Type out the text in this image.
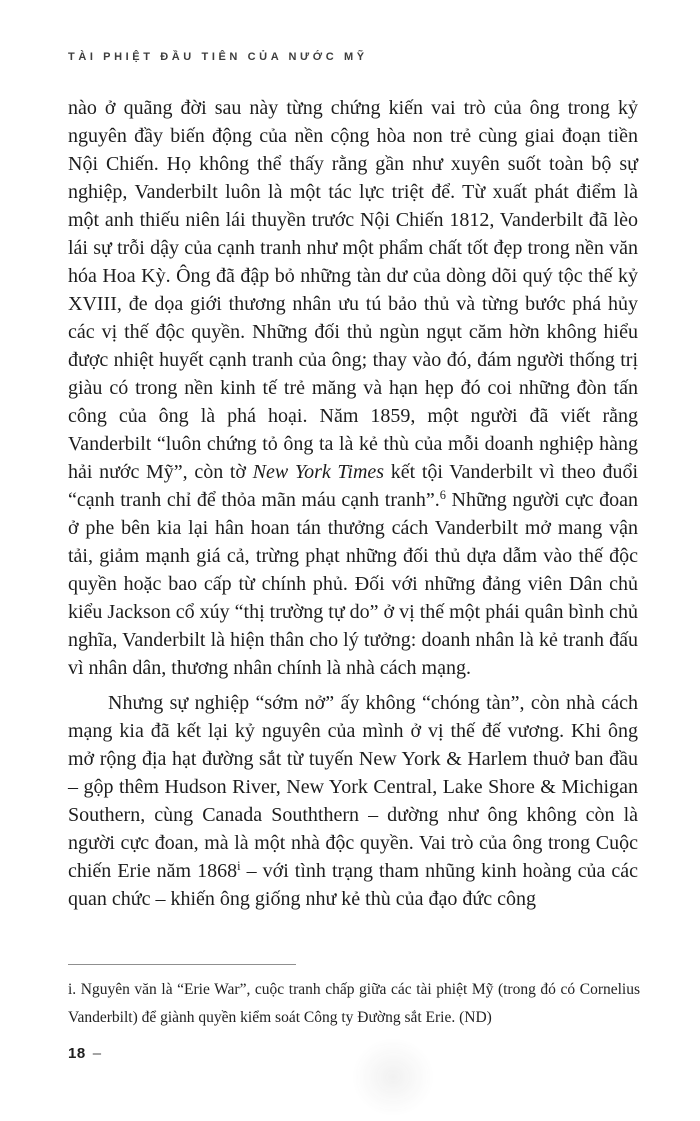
TÀI PHIỆT ĐẦU TIÊN CỦA NƯỚC MỸ

nào ở quãng đời sau này từng chứng kiến vai trò của ông trong kỷ nguyên đầy biến động của nền cộng hòa non trẻ cùng giai đoạn tiền Nội Chiến. Họ không thể thấy rằng gần như xuyên suốt toàn bộ sự nghiệp, Vanderbilt luôn là một tác lực triệt để. Từ xuất phát điểm là một anh thiếu niên lái thuyền trước Nội Chiến 1812, Vanderbilt đã lèo lái sự trỗi dậy của cạnh tranh như một phẩm chất tốt đẹp trong nền văn hóa Hoa Kỳ. Ông đã đập bỏ những tàn dư của dòng dõi quý tộc thế kỷ XVIII, đe dọa giới thương nhân ưu tú bảo thủ và từng bước phá hủy các vị thế độc quyền. Những đối thủ ngùn ngụt căm hờn không hiểu được nhiệt huyết cạnh tranh của ông; thay vào đó, đám người thống trị giàu có trong nền kinh tế trẻ măng và hạn hẹp đó coi những đòn tấn công của ông là phá hoại. Năm 1859, một người đã viết rằng Vanderbilt “luôn chứng tỏ ông ta là kẻ thù của mỗi doanh nghiệp hàng hải nước Mỹ”, còn tờ New York Times kết tội Vanderbilt vì theo đuổi “cạnh tranh chỉ để thỏa mãn máu cạnh tranh”.$^6$ Những người cực đoan ở phe bên kia lại hân hoan tán thưởng cách Vanderbilt mở mang vận tải, giảm mạnh giá cả, trừng phạt những đối thủ dựa dẫm vào thế độc quyền hoặc bao cấp từ chính phủ. Đối với những đảng viên Dân chủ kiểu Jackson cổ xúy “thị trường tự do” ở vị thế một phái quân bình chủ nghĩa, Vanderbilt là hiện thân cho lý tưởng: doanh nhân là kẻ tranh đấu vì nhân dân, thương nhân chính là nhà cách mạng.

Nhưng sự nghiệp “sớm nở” ấy không “chóng tàn”, còn nhà cách mạng kia đã kết lại kỷ nguyên của mình ở vị thế đế vương. Khi ông mở rộng địa hạt đường sắt từ tuyến New York & Harlem thuở ban đầu – gộp thêm Hudson River, New York Central, Lake Shore & Michigan Southern, cùng Canada Souththern – dường như ông không còn là người cực đoan, mà là một nhà độc quyền. Vai trò của ông trong Cuộc chiến Erie năm 1868$^i$ – với tình trạng tham nhũng kinh hoàng của các quan chức – khiến ông giống như kẻ thù của đạo đức công

i. Nguyên văn là “Erie War”, cuộc tranh chấp giữa các tài phiệt Mỹ (trong đó có Cornelius Vanderbilt) để giành quyền kiểm soát Công ty Đường sắt Erie. (ND)

18 –
